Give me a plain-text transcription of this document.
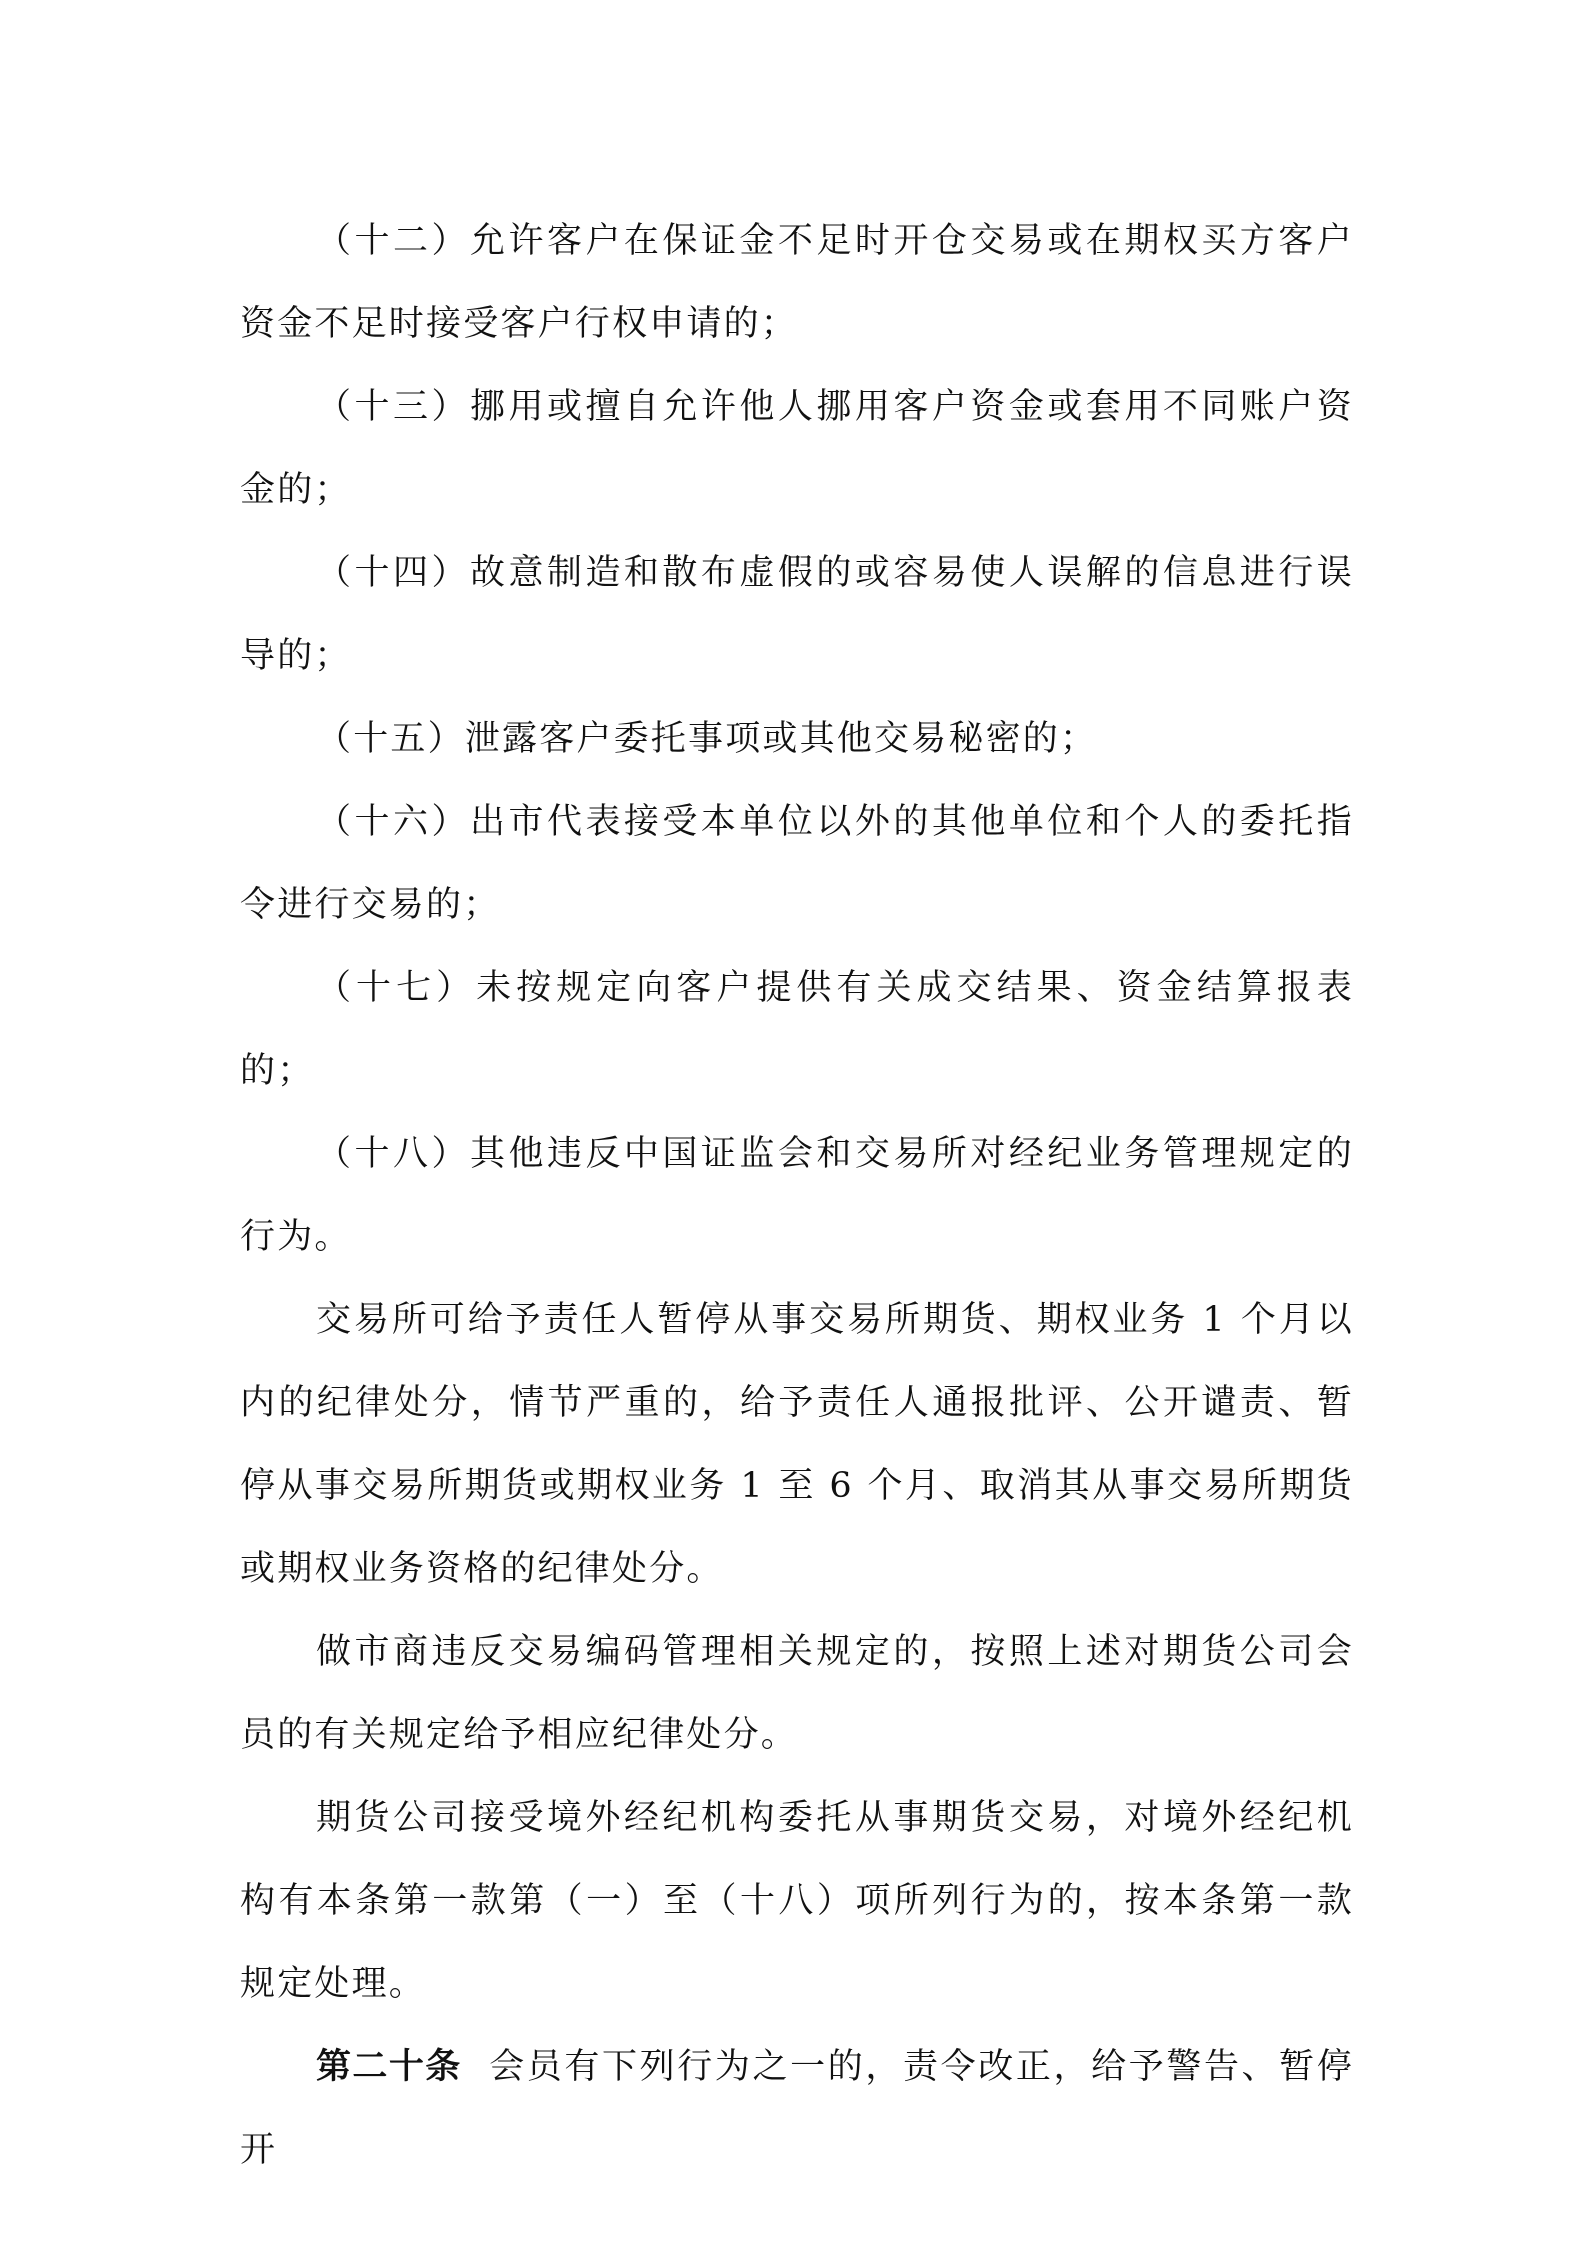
（十二）允许客户在保证金不足时开仓交易或在期权买方客户资金不足时接受客户行权申请的；

（十三）挪用或擅自允许他人挪用客户资金或套用不同账户资金的；

（十四）故意制造和散布虚假的或容易使人误解的信息进行误导的；

（十五）泄露客户委托事项或其他交易秘密的；

（十六）出市代表接受本单位以外的其他单位和个人的委托指令进行交易的；

（十七）未按规定向客户提供有关成交结果、资金结算报表的；

（十八）其他违反中国证监会和交易所对经纪业务管理规定的行为。

交易所可给予责任人暂停从事交易所期货、期权业务 1 个月以内的纪律处分，情节严重的，给予责任人通报批评、公开谴责、暂停从事交易所期货或期权业务 1 至 6 个月、取消其从事交易所期货或期权业务资格的纪律处分。

做市商违反交易编码管理相关规定的，按照上述对期货公司会员的有关规定给予相应纪律处分。

期货公司接受境外经纪机构委托从事期货交易，对境外经纪机构有本条第一款第（一）至（十八）项所列行为的，按本条第一款规定处理。

第二十条 会员有下列行为之一的，责令改正，给予警告、暂停开
